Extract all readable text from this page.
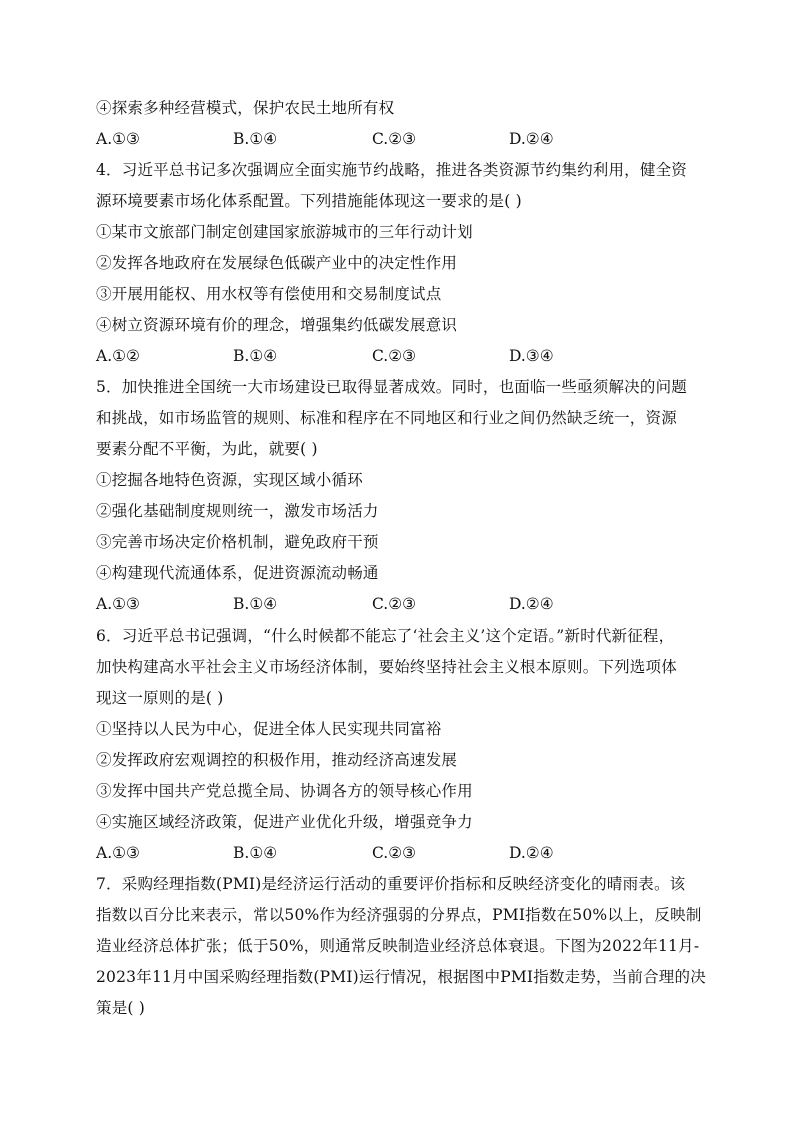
④探索多种经营模式，保护农民土地所有权
A.①③	B.①④	C.②③	D.②④
4．习近平总书记多次强调应全面实施节约战略，推进各类资源节约集约利用，健全资
源环境要素市场化体系配置。下列措施能体现这一要求的是( )
①某市文旅部门制定创建国家旅游城市的三年行动计划
②发挥各地政府在发展绿色低碳产业中的决定性作用
③开展用能权、用水权等有偿使用和交易制度试点
④树立资源环境有价的理念，增强集约低碳发展意识
A.①②	B.①④	C.②③	D.③④
5．加快推进全国统一大市场建设已取得显著成效。同时，也面临一些亟须解决的问题
和挑战，如市场监管的规则、标准和程序在不同地区和行业之间仍然缺乏统一，资源
要素分配不平衡，为此，就要( )
①挖掘各地特色资源，实现区域小循环
②强化基础制度规则统一，激发市场活力
③完善市场决定价格机制，避免政府干预
④构建现代流通体系，促进资源流动畅通
A.①③	B.①④	C.②③	D.②④
6．习近平总书记强调，“什么时候都不能忘了‘社会主义’这个定语。”新时代新征程，
加快构建高水平社会主义市场经济体制，要始终坚持社会主义根本原则。下列选项体
现这一原则的是( )
①坚持以人民为中心，促进全体人民实现共同富裕
②发挥政府宏观调控的积极作用，推动经济高速发展
③发挥中国共产党总揽全局、协调各方的领导核心作用
④实施区域经济政策，促进产业优化升级，增强竞争力
A.①③	B.①④	C.②③	D.②④
7．采购经理指数(PMI)是经济运行活动的重要评价指标和反映经济变化的晴雨表。该
指数以百分比来表示，常以50%作为经济强弱的分界点，PMI指数在50%以上，反映制
造业经济总体扩张；低于50%，则通常反映制造业经济总体衰退。下图为2022年11月-
2023年11月中国采购经理指数(PMI)运行情况，根据图中PMI指数走势，当前合理的决
策是( )
